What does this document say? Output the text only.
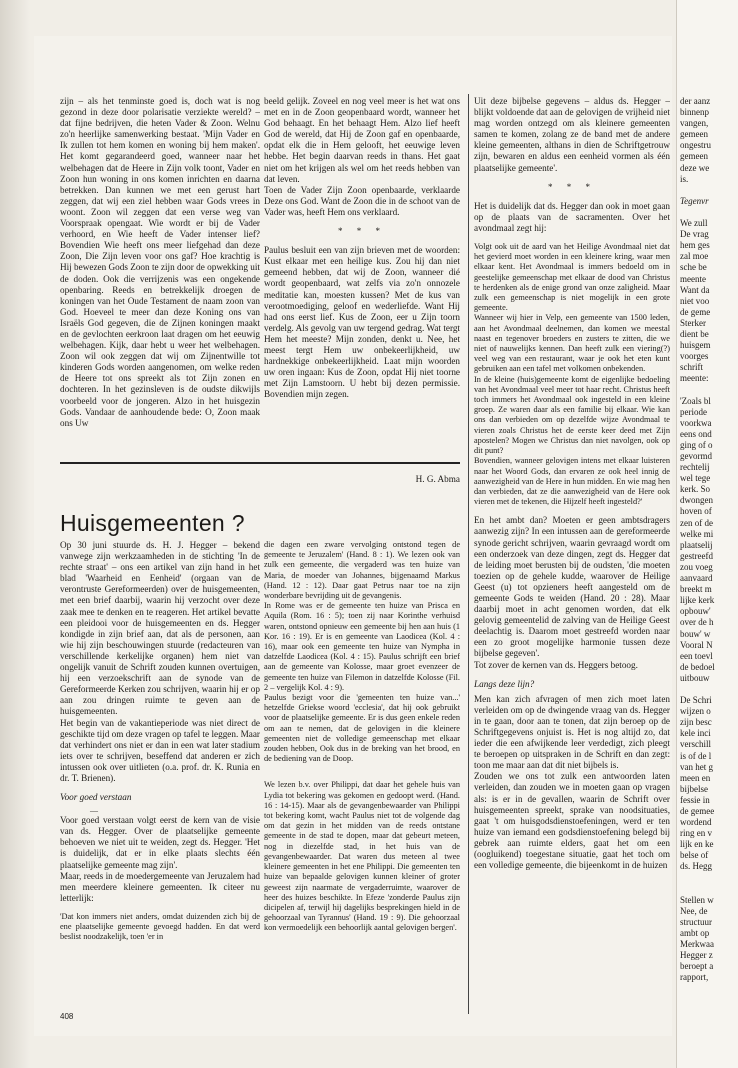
zijn – als het tenminste goed is, doch wat is nog gezond in deze door polarisatie verziekte wereld? – dat fijne bedrijven, die heten Vader & Zoon. Welnu zo'n heerlijke samenwerking bestaat. 'Mijn Vader en Ik zullen tot hem komen en woning bij hem maken'. Het komt gegarandeerd goed, wanneer naar het welbehagen dat de Heere in Zijn volk toont, Vader en Zoon hun woning in ons komen inrichten en daarna betrekken. Dan kunnen we met een gerust hart zeggen, dat wij een ziel hebben waar Gods vrees in woont. Zoon wil zeggen dat een verse weg van Voorspraak opengaat. Wie wordt er bij de Vader verhoord, en Wie heeft de Vader intenser lief? Bovendien Wie heeft ons meer liefgehad dan deze Zoon, Die Zijn leven voor ons gaf? Hoe krachtig is Hij bewezen Gods Zoon te zijn door de opwekking uit de doden. Ook die verrijzenis was een ongekende openbaring. Reeds en betrekkelijk droegen de koningen van het Oude Testament de naam zoon van God. Hoeveel te meer dan deze Koning ons van Israëls God gegeven, die de Zijnen koningen maakt en de gevlochten eerkroon laat dragen om het eeuwig welbehagen. Kijk, daar hebt u weer het welbehagen. Zoon wil ook zeggen dat wij om Zijnentwille tot kinderen Gods worden aangenomen, om welke reden de Heere tot ons spreekt als tot Zijn zonen en dochteren. In het gezinsleven is de oudste dikwijls voorbeeld voor de jongeren. Alzo in het huisgezin Gods. Vandaar de aanhoudende bede: O, Zoon maak ons Uw

beeld gelijk. Zoveel en nog veel meer is het wat ons met en in de Zoon geopenbaard wordt, wanneer het God behaagt. En het behaagt Hem. Alzo lief heeft God de wereld, dat Hij de Zoon gaf en openbaarde, opdat elk die in Hem gelooft, het eeuwige leven hebbe. Het begin daarvan reeds in thans. Het gaat niet om het krijgen als wel om het reeds hebben van dat leven.

Toen de Vader Zijn Zoon openbaarde, verklaarde Deze ons God. Want de Zoon die in de schoot van de Vader was, heeft Hem ons verklaard.

* * *

Paulus besluit een van zijn brieven met de woorden: Kust elkaar met een heilige kus. Zou hij dan niet gemeend hebben, dat wij de Zoon, wanneer dié wordt geopenbaard, wat zelfs via zo'n onnozele meditatie kan, moesten kussen? Met de kus van verootmoediging, geloof en wederliefde. Want Hij had ons eerst lief. Kus de Zoon, eer u Zijn toorn verdelg. Als gevolg van uw tergend gedrag. Wat tergt Hem het meeste? Mijn zonden, denkt u. Nee, het meest tergt Hem uw onbekeerlijkheid, uw hardnekkige onbekeerlijkheid. Laat mijn woorden uw oren ingaan: Kus de Zoon, opdat Hij niet toorne met Zijn Lamstoorn. U hebt bij dezen permissie. Bovendien mijn zegen.

H. G. Abma
Huisgemeenten ?

Op 30 juni stuurde ds. H. J. Hegger – bekend vanwege zijn werkzaamheden in de stichting 'In de rechte straat' – ons een artikel van zijn hand in het blad 'Waarheid en Eenheid' (orgaan van de verontruste Gereformeerden) over de huisgemeenten, met een brief daarbij, waarin hij verzocht over deze zaak mee te denken en te reageren. Het artikel bevatte een pleidooi voor de huisgemeenten en ds. Hegger kondigde in zijn brief aan, dat als de personen, aan wie hij zijn beschouwingen stuurde (redacteuren van verschillende kerkelijke organen) hem niet van ongelijk vanuit de Schrift zouden kunnen overtuigen, hij een verzoekschrift aan de synode van de Gereformeerde Kerken zou schrijven, waarin hij er op aan zou dringen ruimte te geven aan de huisgemeenten.

Het begin van de vakantieperiode was niet direct de geschikte tijd om deze vragen op tafel te leggen. Maar dat verhindert ons niet er dan in een wat later stadium iets over te schrijven, beseffend dat anderen er zich intussen ook over uitlieten (o.a. prof. dr. K. Runia en dr. T. Brienen).

Voor goed verstaan
—

Voor goed verstaan volgt eerst de kern van de visie van ds. Hegger. Over de plaatselijke gemeente behoeven we niet uit te weiden, zegt ds. Hegger. 'Het is duidelijk, dat er in elke plaats slechts één plaatselijke gemeente mag zijn'.

Maar, reeds in de moedergemeente van Jeruzalem had men meerdere kleinere gemeenten. Ik citeer nu letterlijk:

'Dat kon immers niet anders, omdat duizenden zich bij de ene plaatselijke gemeente gevoegd hadden. En dat werd beslist noodzakelijk, toen 'er in

die dagen een zware vervolging ontstond tegen de gemeente te Jeruzalem' (Hand. 8 : 1). We lezen ook van zulk een gemeente, die vergaderd was ten huize van Maria, de moeder van Johannes, bijgenaamd Markus (Hand. 12 : 12). Daar gaat Petrus naar toe na zijn wonderbare bevrijding uit de gevangenis.

In Rome was er de gemeente ten huize van Prisca en Aquila (Rom. 16 : 5); toen zij naar Korinthe verhuisd waren, ontstond opnieuw een gemeente bij hen aan huis (1 Kor. 16 : 19). Er is en gemeente van Laodicea (Kol. 4 : 16), maar ook een gemeente ten huize van Nympha in datzelfde Laodicea (Kol. 4 : 15). Paulus schrijft een brief aan de gemeente van Kolosse, maar groet evenzeer de gemeente ten huize van Filemon in datzelfde Kolosse (Fil. 2 – vergelijk Kol. 4 : 9).

Paulus bezigt voor die 'gemeenten ten huize van...' hetzelfde Griekse woord 'ecclesia', dat hij ook gebruikt voor de plaatselijke gemeente. Er is dus geen enkele reden om aan te nemen, dat de gelovigen in die kleinere gemeenten niet de volledige gemeenschap met elkaar zouden hebben, Ook dus in de breking van het brood, en de bediening van de Doop.

We lezen b.v. over Philippi, dat daar het gehele huis van Lydia tot bekering was gekomen en gedoopt werd. (Hand. 16 : 14-15). Maar als de gevangenbewaarder van Philippi tot bekering komt, wacht Paulus niet tot de volgende dag om dat gezin in het midden van de reeds ontstane gemeente in de stad te dopen, maar dat gebeurt meteen, nog in diezelfde stad, in het huis van de gevangenbewaarder. Dat waren dus meteen al twee kleinere gemeenten in het ene Philippi. Die gemeenten ten huize van bepaalde gelovigen kunnen kleiner of groter geweest zijn naarmate de vergaderruimte, waarover de heer des huizes beschikte. In Efeze 'zonderde Paulus zijn dicipelen af, terwijl hij dagelijks besprekingen hield in de gehoorzaal van Tyrannus' (Hand. 19 : 9). Die gehoorzaal kon vermoedelijk een behoorlijk aantal gelovigen bergen'.

Uit deze bijbelse gegevens – aldus ds. Hegger – blijkt voldoende dat aan de gelovigen de vrijheid niet mag worden ontzegd om als kleinere gemeenten samen te komen, zolang ze de band met de andere kleine gemeenten, althans in dien de Schriftgetrouw zijn, bewaren en aldus een eenheid vormen als één plaatselijke gemeente'.

* * *

Het is duidelijk dat ds. Hegger dan ook in moet gaan op de plaats van de sacramenten. Over het avondmaal zegt hij:

Volgt ook uit de aard van het Heilige Avondmaal niet dat het gevierd moet worden in een kleinere kring, waar men elkaar kent. Het Avondmaal is immers bedoeld om in geestelijke gemeenschap met elkaar de dood van Christus te herdenken als de enige grond van onze zaligheid. Maar zulk een gemeenschap is niet mogelijk in een grote gemeente.

Wanneer wij hier in Velp, een gemeente van 1500 leden, aan het Avondmaal deelnemen, dan komen we meestal naast en tegenover broeders en zusters te zitten, die we niet of nauwelijks kennen. Dan heeft zulk een viering(?) veel weg van een restaurant, waar je ook het eten kunt gebruiken aan een tafel met volkomen onbekenden.

In de kleine (huis)gemeente komt de eigenlijke bedoeling van het Avondmaal veel meer tot haar recht. Christus heeft toch immers het Avondmaal ook ingesteld in een kleine groep. Ze waren daar als een familie bij elkaar. Wie kan ons dan verbieden om op dezelfde wijze Avondmaal te vieren zoals Christus het de eerste keer deed met Zijn apostelen? Mogen we Christus dan niet navolgen, ook op dit punt?

Bovendien, wanneer gelovigen intens met elkaar luisteren naar het Woord Gods, dan ervaren ze ook heel innig de aanwezigheid van de Here in hun midden. En wie mag hen dan verbieden, dat ze die aanwezigheid van de Here ook vieren met de tekenen, die Hijzelf heeft ingesteld?'

En het ambt dan? Moeten er geen ambtsdragers aanwezig zijn? In een intussen aan de gereformeerde synode gericht schrijven, waarin gevraagd wordt om een onderzoek van deze dingen, zegt ds. Hegger dat de leiding moet berusten bij de oudsten, 'die moeten toezien op de gehele kudde, waarover de Heilige Geest (u) tot opzieners heeft aangesteld om de gemeente Gods te weiden (Hand. 20 : 28). Maar daarbij moet in acht genomen worden, dat elk gelovig gemeentelid de zalving van de Heilige Geest deelachtig is. Daarom moet gestreefd worden naar een zo groot mogelijke harmonie tussen deze bijbelse gegeven'.

Tot zover de kernen van ds. Heggers betoog.

Langs deze lijn?

Men kan zich afvragen of men zich moet laten verleiden om op de dwingende vraag van ds. Hegger in te gaan, door aan te tonen, dat zijn beroep op de Schriftgegevens onjuist is. Het is nog altijd zo, dat ieder die een afwijkende leer verdedigt, zich pleegt te beroepen op uitspraken in de Schrift en dan zegt: toon me maar aan dat dit niet bijbels is.

Zouden we ons tot zulk een antwoorden laten verleiden, dan zouden we in moeten gaan op vragen als: is er in de gevallen, waarin de Schrift over huisgemeenten spreekt, sprake van noodsituaties, gaat 't om huisgodsdienstoefeningen, werd er ten huize van iemand een godsdienstoefening belegd bij gebrek aan ruimte elders, gaat het om een (oogluikend) toegestane situatie, gaat het toch om een volledige gemeente, die bijeenkomt in de huizen

408

der aanz

binnenp

vangen,

gemeen

ongestru

gemeen

deze we

is.

Tegenvr

We zull

De vrag

hem ges

zal moe

sche be

meente

Want da

niet voo

de geme

Sterker

dient be

huisgem

voorges

schrift

meente:

'Zoals bl

periode

voorkwa

eens ond

ging of o

gevormd

rechtelij

wel tege

kerk. So

dwongen

hoven of

zen of de

welke mi

plaatselij

gestreefd

zou voeg

aanvaard

breekt m

lijke kerk

opbouw'

over de h

bouw' w

Vooral N

een toevl

de bedoel

uitbouw

De Schri

wijzen o

zijn besc

kele inci

verschill

is of de l

van het g

meen en

bijbelse

fessie in

de gemee

wordend

ring en v

lijk en ke

belse of

ds. Hegg

Stellen w

Nee, de

structuur

ambt op

Merkwaa

Hegger z

beroept a

rapport,
